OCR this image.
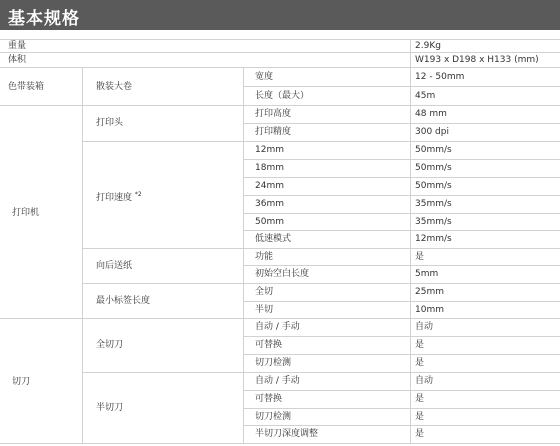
基本规格
重量	2.9Kg
体积	W193 x D198 x H133 (mm)
色带装箱	散装大卷
宽度	12 - 50mm
长度（最大）	45m
打印机
打印头
打印高度	48 mm
打印精度	300 dpi
打印速度 $^{*2}$
12mm	50mm/s
18mm	50mm/s
24mm	50mm/s
36mm	35mm/s
50mm	35mm/s
低速模式	12mm/s
向后送纸
功能	是
初始空白长度	5mm
最小标签长度
全切	25mm
半切	10mm
切刀
全切刀
自动 / 手动	自动
可替换	是
切刀检测	是
半切刀
自动 / 手动	自动
可替换	是
切刀检测	是
半切刀深度调整	是
